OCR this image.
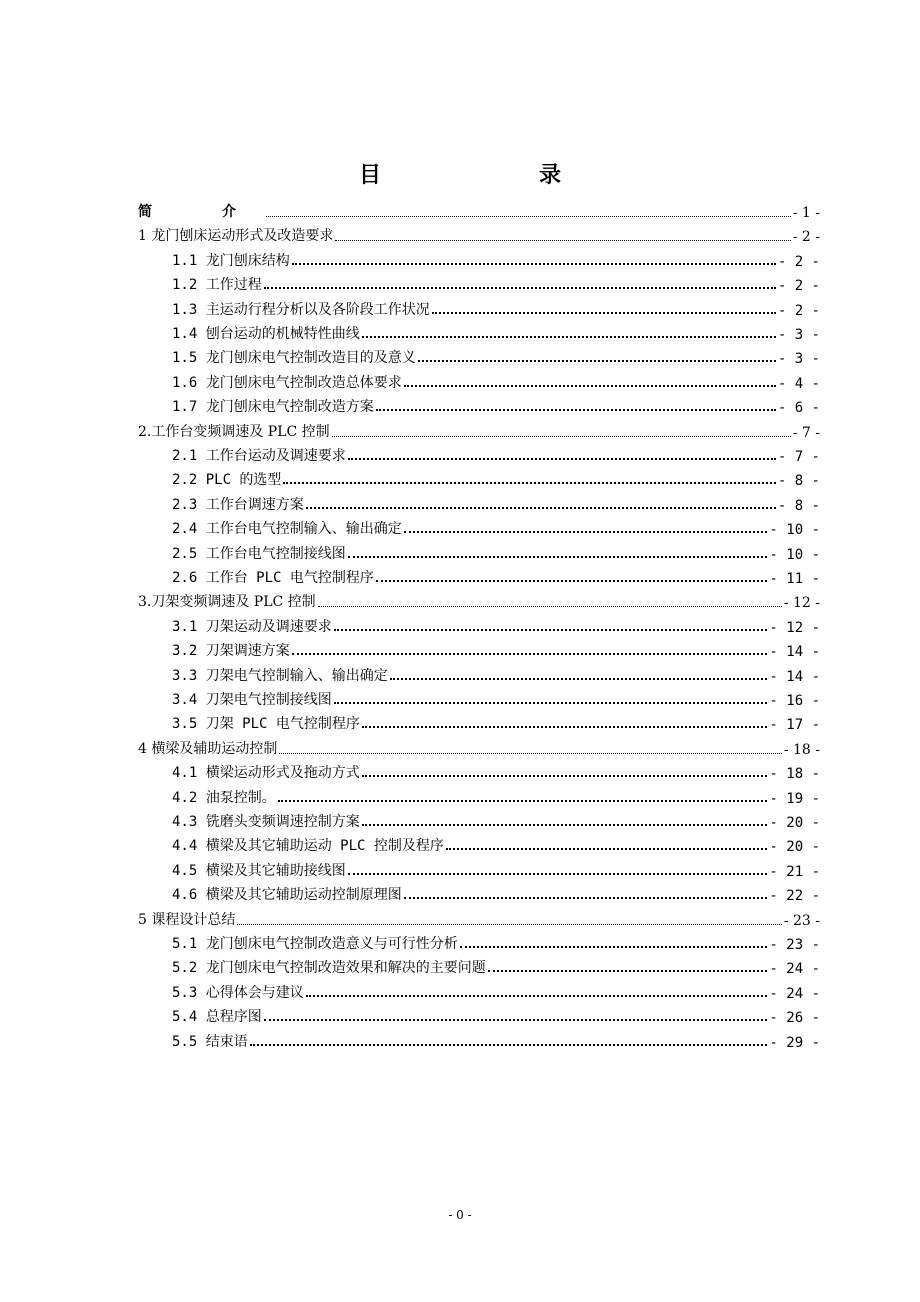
目　　录
简　介	- 1 -
1 龙门刨床运动形式及改造要求	- 2 -
1.1 龙门刨床结构	- 2 -
1.2 工作过程	- 2 -
1.3 主运动行程分析以及各阶段工作状况	- 2 -
1.4 刨台运动的机械特性曲线	- 3 -
1.5 龙门刨床电气控制改造目的及意义	- 3 -
1.6 龙门刨床电气控制改造总体要求	- 4 -
1.7 龙门刨床电气控制改造方案	- 6 -
2.工作台变频调速及 PLC 控制	- 7 -
2.1 工作台运动及调速要求	- 7 -
2.2 PLC 的选型	- 8 -
2.3 工作台调速方案	- 8 -
2.4 工作台电气控制输入、输出确定	- 10 -
2.5 工作台电气控制接线图	- 10 -
2.6 工作台 PLC 电气控制程序	- 11 -
3.刀架变频调速及 PLC 控制	- 12 -
3.1 刀架运动及调速要求	- 12 -
3.2 刀架调速方案	- 14 -
3.3 刀架电气控制输入、输出确定	- 14 -
3.4 刀架电气控制接线图	- 16 -
3.5 刀架 PLC 电气控制程序	- 17 -
4 横梁及辅助运动控制	- 18 -
4.1 横梁运动形式及拖动方式	- 18 -
4.2 油泵控制。	- 19 -
4.3 铣磨头变频调速控制方案	- 20 -
4.4 横梁及其它辅助运动 PLC 控制及程序	- 20 -
4.5 横梁及其它辅助接线图	- 21 -
4.6 横梁及其它辅助运动控制原理图	- 22 -
5 课程设计总结	- 23 -
5.1 龙门刨床电气控制改造意义与可行性分析	- 23 -
5.2 龙门刨床电气控制改造效果和解决的主要问题	- 24 -
5.3 心得体会与建议	- 24 -
5.4 总程序图	- 26 -
5.5 结束语	- 29 -
- 0 -
